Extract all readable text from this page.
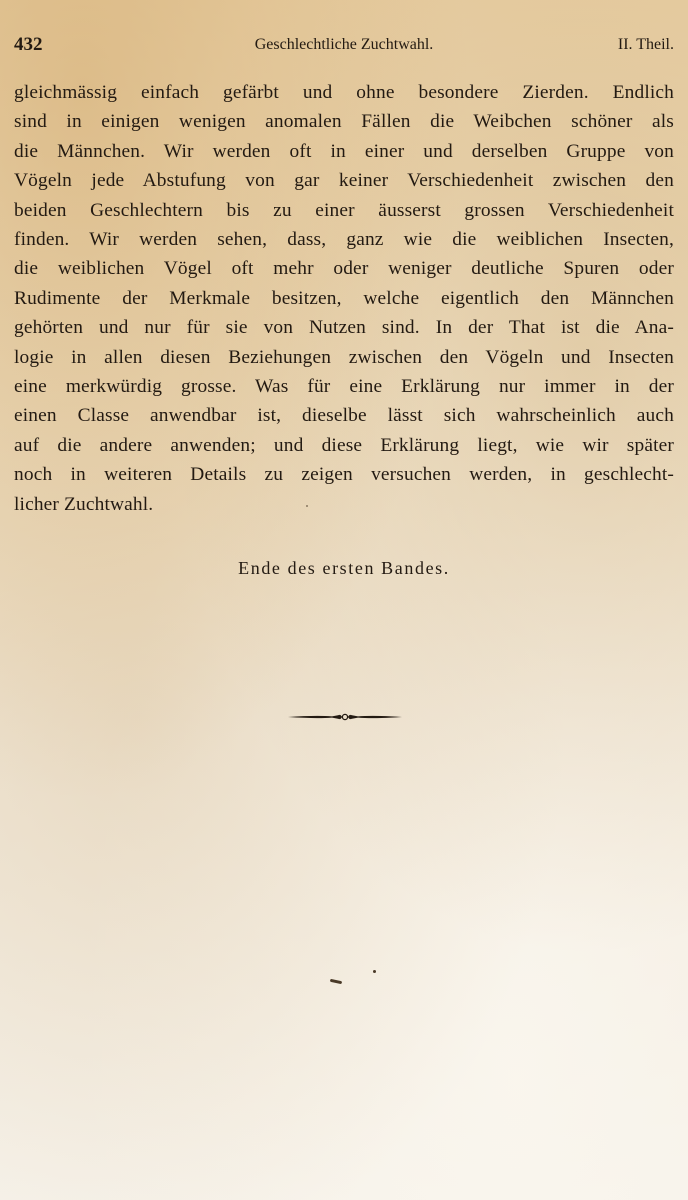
432	Geschlechtliche Zuchtwahl.	II. Theil.

gleichmässig einfach gefärbt und ohne besondere Zierden. Endlich
sind in einigen wenigen anomalen Fällen die Weibchen schöner als
die Männchen. Wir werden oft in einer und derselben Gruppe von
Vögeln jede Abstufung von gar keiner Verschiedenheit zwischen den
beiden Geschlechtern bis zu einer äusserst grossen Verschiedenheit
finden. Wir werden sehen, dass, ganz wie die weiblichen Insecten,
die weiblichen Vögel oft mehr oder weniger deutliche Spuren oder
Rudimente der Merkmale besitzen, welche eigentlich den Männchen
gehörten und nur für sie von Nutzen sind. In der That ist die Ana-
logie in allen diesen Beziehungen zwischen den Vögeln und Insecten
eine merkwürdig grosse. Was für eine Erklärung nur immer in der
einen Classe anwendbar ist, dieselbe lässt sich wahrscheinlich auch
auf die andere anwenden; und diese Erklärung liegt, wie wir später
noch in weiteren Details zu zeigen versuchen werden, in geschlecht-
licher Zuchtwahl.

Ende des ersten Bandes.
